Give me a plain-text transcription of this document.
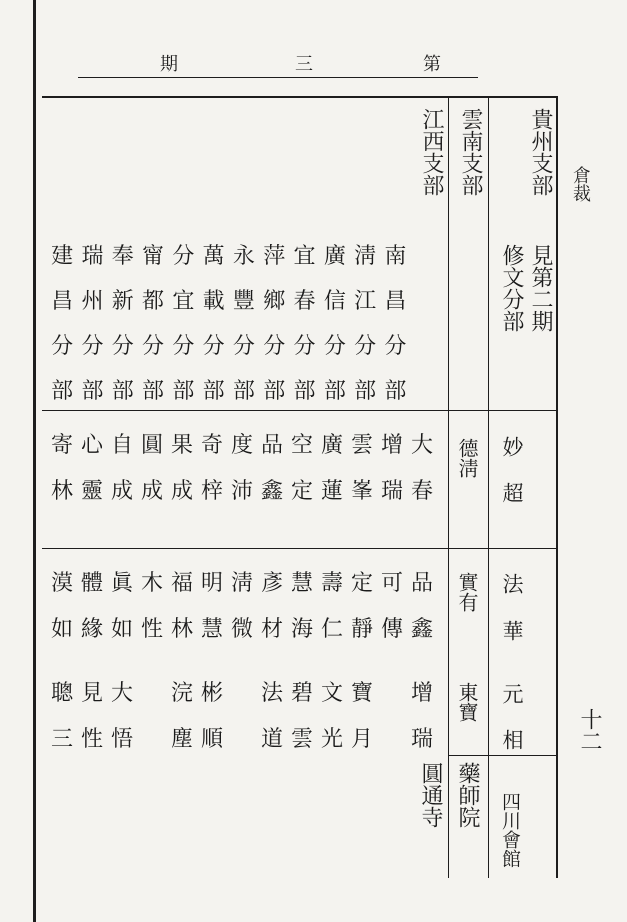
期	三	第
倉裁
十二
江西支部 雲南支部 貴州支部
建 瑞 奉 甯 分 萬 永 萍 宜 廣 淸 南
昌 州 新 都 宜 載 豐 鄉 春 信 江 昌
分 分 分 分 分 分 分 分 分 分 分 分
部 部 部 部 部 部 部 部 部 部 部 部
見第二期
修文分部
寄 心 自 圓 果 奇 度 品 空 廣 雲 增 大
林 靈 成 成 成 梓 沛 鑫 定 蓮 峯 瑞 春
德淸 妙
超
漠 體 眞 木 福 明 淸 彥 慧 壽 定 可 品
如 緣 如 性 林 慧 微 材 海 仁 靜 傳 鑫
實有 法
華
聰 見 大 浣 彬 法 碧 文 寶 增
三 性 悟 塵 順 道 雲 光 月 瑞
東寶 元
相
圓通寺 藥師院 四川會館
